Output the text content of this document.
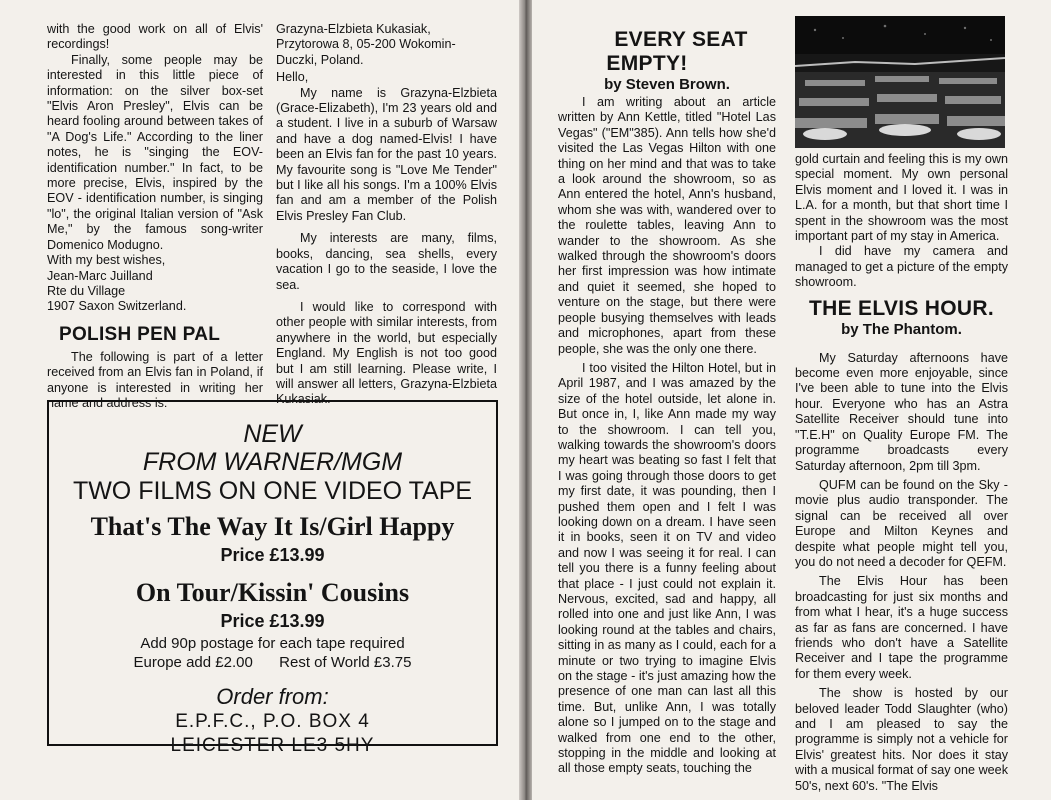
with the good work on all of Elvis' recordings!

Finally, some people may be interested in this little piece of information: on the silver box-set "Elvis Aron Presley", Elvis can be heard fooling around between takes of "A Dog's Life." According to the liner notes, he is "singing the EOV-identification number." In fact, to be more precise, Elvis, inspired by the EOV - identification number, is singing "lo", the original Italian version of "Ask Me," by the famous song-writer Domenico Modugno.

With my best wishes,
Jean-Marc Juilland
Rte du Village
1907 Saxon Switzerland.
POLISH PEN PAL

The following is part of a letter received from an Elvis fan in Poland, if anyone is interested in writing her name and address is:

Grazyna-Elzbieta Kukasiak,
Przytorowa 8, 05-200 Wokomin-
Duczki, Poland.
Hello,

My name is Grazyna-Elzbieta (Grace-Elizabeth), I'm 23 years old and a student. I live in a suburb of Warsaw and have a dog named-Elvis! I have been an Elvis fan for the past 10 years. My favourite song is "Love Me Tender" but I like all his songs. I'm a 100% Elvis fan and am a member of the Polish Elvis Presley Fan Club.

My interests are many, films, books, dancing, sea shells, every vacation I go to the seaside, I love the sea.

I would like to correspond with other people with similar interests, from anywhere in the world, but especially England. My English is not too good but I am still learning. Please write, I will answer all letters, Grazyna-Elzbieta Kukasiak.

NEW
FROM WARNER/MGM
TWO FILMS ON ONE VIDEO TAPE
That's The Way It Is/Girl Happy
Price £13.99
On Tour/Kissin' Cousins
Price £13.99
Add 90p postage for each tape required
Europe add £2.00 Rest of World £3.75
Order from:
E.P.F.C., P.O. BOX 4
LEICESTER LE3 5HY
EVERY SEAT
EMPTY!
by Steven Brown.

I am writing about an article written by Ann Kettle, titled "Hotel Las Vegas" ("EM"385). Ann tells how she'd visited the Las Vegas Hilton with one thing on her mind and that was to take a look around the showroom, so as Ann entered the hotel, Ann's husband, whom she was with, wandered over to the roulette tables, leaving Ann to wander to the showroom. As she walked through the showroom's doors her first impression was how intimate and quiet it seemed, she hoped to venture on the stage, but there were people busying themselves with leads and microphones, apart from these people, she was the only one there.

I too visited the Hilton Hotel, but in April 1987, and I was amazed by the size of the hotel outside, let alone in. But once in, I, like Ann made my way to the showroom. I can tell you, walking towards the showroom's doors my heart was beating so fast I felt that I was going through those doors to get my first date, it was pounding, then I pushed them open and I felt I was looking down on a dream. I have seen it in books, seen it on TV and video and now I was seeing it for real. I can tell you there is a funny feeling about that place - I just could not explain it. Nervous, excited, sad and happy, all rolled into one and just like Ann, I was looking round at the tables and chairs, sitting in as many as I could, each for a minute or two trying to imagine Elvis on the stage - it's just amazing how the presence of one man can last all this time. But, unlike Ann, I was totally alone so I jumped on to the stage and walked from one end to the other, stopping in the middle and looking at all those empty seats, touching the

gold curtain and feeling this is my own special moment. My own personal Elvis moment and I loved it. I was in L.A. for a month, but that short time I spent in the showroom was the most important part of my stay in America.

I did have my camera and managed to get a picture of the empty showroom.

THE ELVIS HOUR.
by The Phantom.

My Saturday afternoons have become even more enjoyable, since I've been able to tune into the Elvis hour. Everyone who has an Astra Satellite Receiver should tune into "T.E.H" on Quality Europe FM. The programme broadcasts every Saturday afternoon, 2pm till 3pm.

QUFM can be found on the Sky - movie plus audio transponder. The signal can be received all over Europe and Milton Keynes and despite what people might tell you, you do not need a decoder for QEFM.

The Elvis Hour has been broadcasting for just six months and from what I hear, it's a huge success as far as fans are concerned. I have friends who don't have a Satellite Receiver and I tape the programme for them every week.

The show is hosted by our beloved leader Todd Slaughter (who) and I am pleased to say the programme is simply not a vehicle for Elvis' greatest hits. Nor does it stay with a musical format of say one week 50's, next 60's. "The Elvis
